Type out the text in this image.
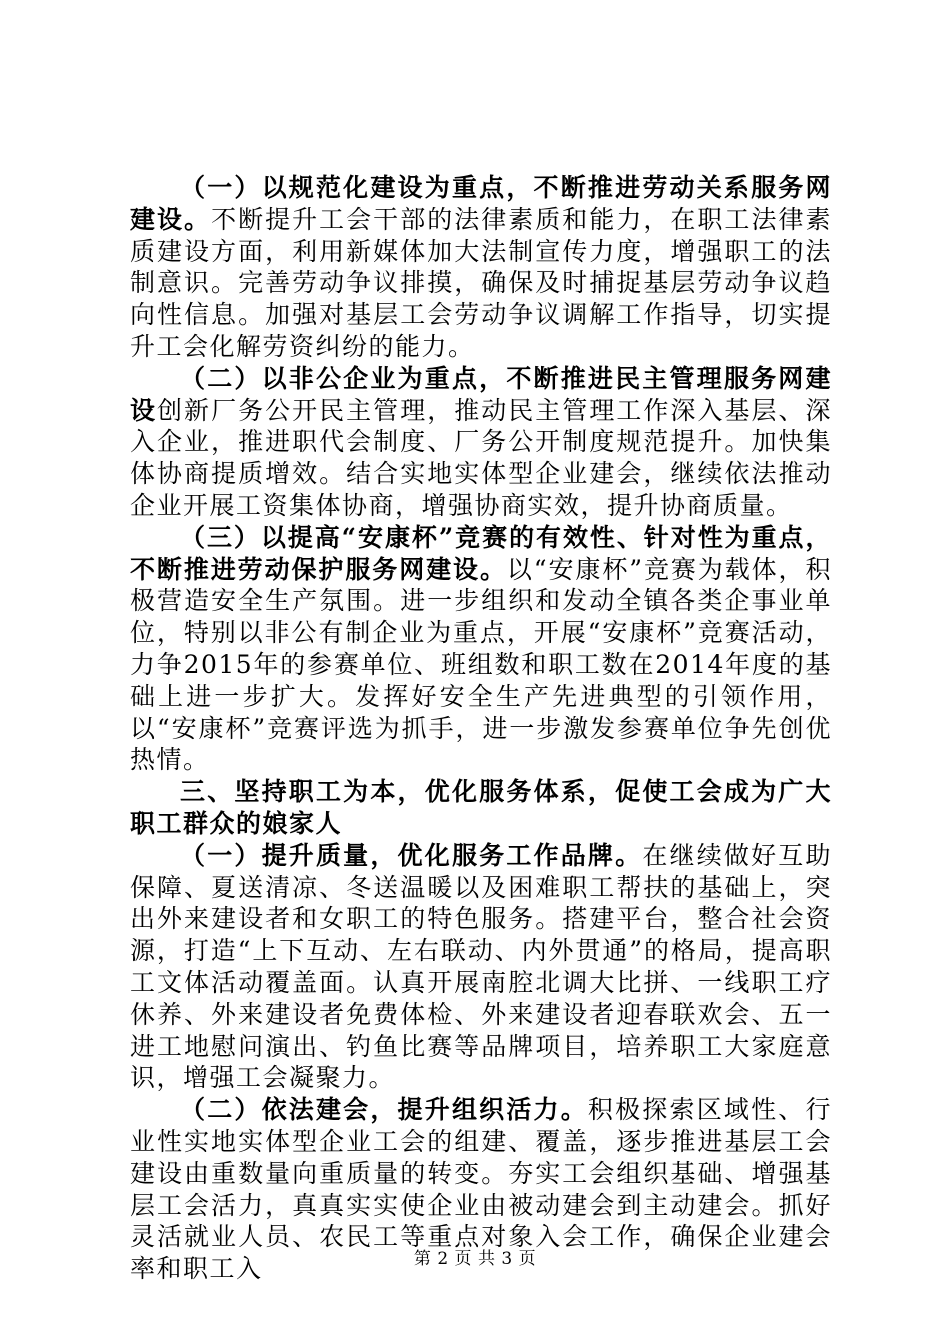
（一）以规范化建设为重点，不断推进劳动关系服务网建设。不断提升工会干部的法律素质和能力，在职工法律素质建设方面，利用新媒体加大法制宣传力度，增强职工的法制意识。完善劳动争议排摸，确保及时捕捉基层劳动争议趋向性信息。加强对基层工会劳动争议调解工作指导，切实提升工会化解劳资纠纷的能力。

（二）以非公企业为重点，不断推进民主管理服务网建设创新厂务公开民主管理，推动民主管理工作深入基层、深入企业，推进职代会制度、厂务公开制度规范提升。加快集体协商提质增效。结合实地实体型企业建会，继续依法推动企业开展工资集体协商，增强协商实效，提升协商质量。

（三）以提高“安康杯”竞赛的有效性、针对性为重点，不断推进劳动保护服务网建设。以“安康杯”竞赛为载体，积极营造安全生产氛围。进一步组织和发动全镇各类企事业单位，特别以非公有制企业为重点，开展“安康杯”竞赛活动，力争2015年的参赛单位、班组数和职工数在2014年度的基础上进一步扩大。发挥好安全生产先进典型的引领作用，以“安康杯”竞赛评选为抓手，进一步激发参赛单位争先创优热情。

三、坚持职工为本，优化服务体系，促使工会成为广大职工群众的娘家人

（一）提升质量，优化服务工作品牌。在继续做好互助保障、夏送清凉、冬送温暖以及困难职工帮扶的基础上，突出外来建设者和女职工的特色服务。搭建平台，整合社会资源，打造“上下互动、左右联动、内外贯通”的格局，提高职工文体活动覆盖面。认真开展南腔北调大比拼、一线职工疗休养、外来建设者免费体检、外来建设者迎春联欢会、五一进工地慰问演出、钓鱼比赛等品牌项目，培养职工大家庭意识，增强工会凝聚力。

（二）依法建会，提升组织活力。积极探索区域性、行业性实地实体型企业工会的组建、覆盖，逐步推进基层工会建设由重数量向重质量的转变。夯实工会组织基础、增强基层工会活力，真真实实使企业由被动建会到主动建会。抓好灵活就业人员、农民工等重点对象入会工作，确保企业建会率和职工入	第 2 页 共 3 页
